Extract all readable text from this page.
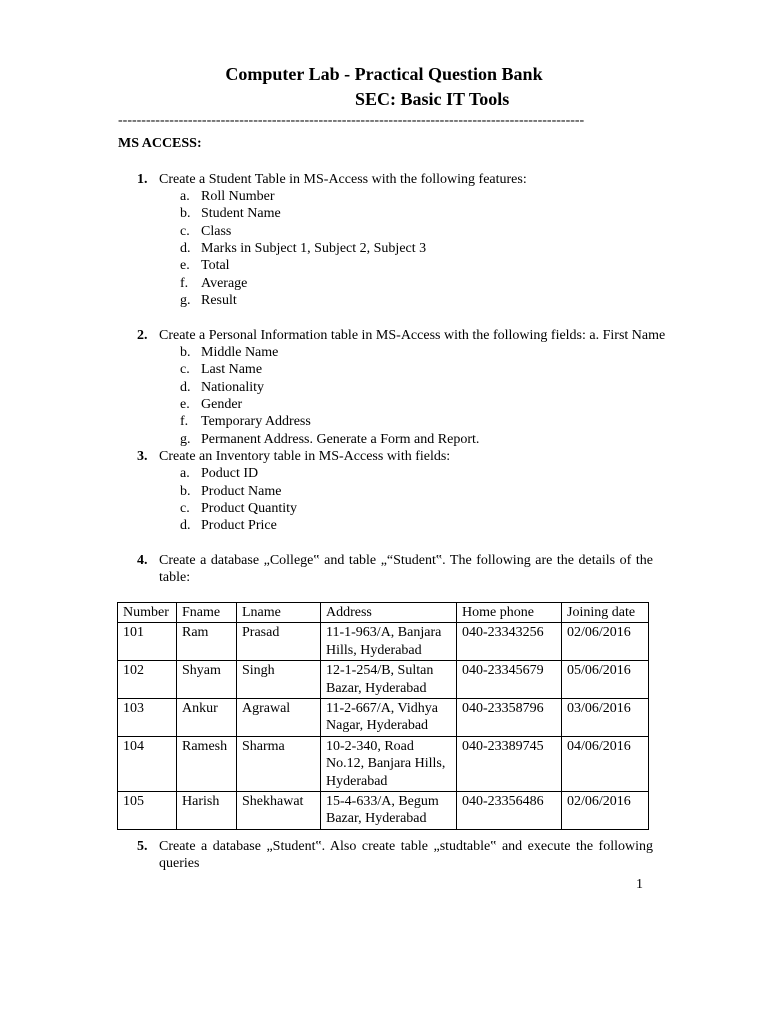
Computer Lab - Practical Question Bank
SEC: Basic IT Tools
----------------------------------------------------------------------------------------------------
MS ACCESS:
1. Create a Student Table in MS-Access with the following features:
a. Roll Number
b. Student Name
c. Class
d. Marks in Subject 1, Subject 2, Subject 3
e. Total
f. Average
g. Result
2. Create a Personal Information table in MS-Access with the following fields: a. First Name
b. Middle Name
c. Last Name
d. Nationality
e. Gender
f. Temporary Address
g. Permanent Address. Generate a Form and Report.
3. Create an Inventory table in MS-Access with fields:
a. Poduct ID
b. Product Name
c. Product Quantity
d. Product Price
4. Create a database „College‟ and table „“Student‟. The following are the details of the table:
Number	Fname	Lname	Address	Home phone	Joining date
101	Ram	Prasad	11-1-963/A, Banjara Hills, Hyderabad	040-23343256	02/06/2016
102	Shyam	Singh	12-1-254/B, Sultan Bazar, Hyderabad	040-23345679	05/06/2016
103	Ankur	Agrawal	11-2-667/A, Vidhya Nagar, Hyderabad	040-23358796	03/06/2016
104	Ramesh	Sharma	10-2-340, Road No.12, Banjara Hills, Hyderabad	040-23389745	04/06/2016
105	Harish	Shekhawat	15-4-633/A, Begum Bazar, Hyderabad	040-23356486	02/06/2016
5. Create a database „Student‟. Also create table „studtable‟ and execute the following queries
1
